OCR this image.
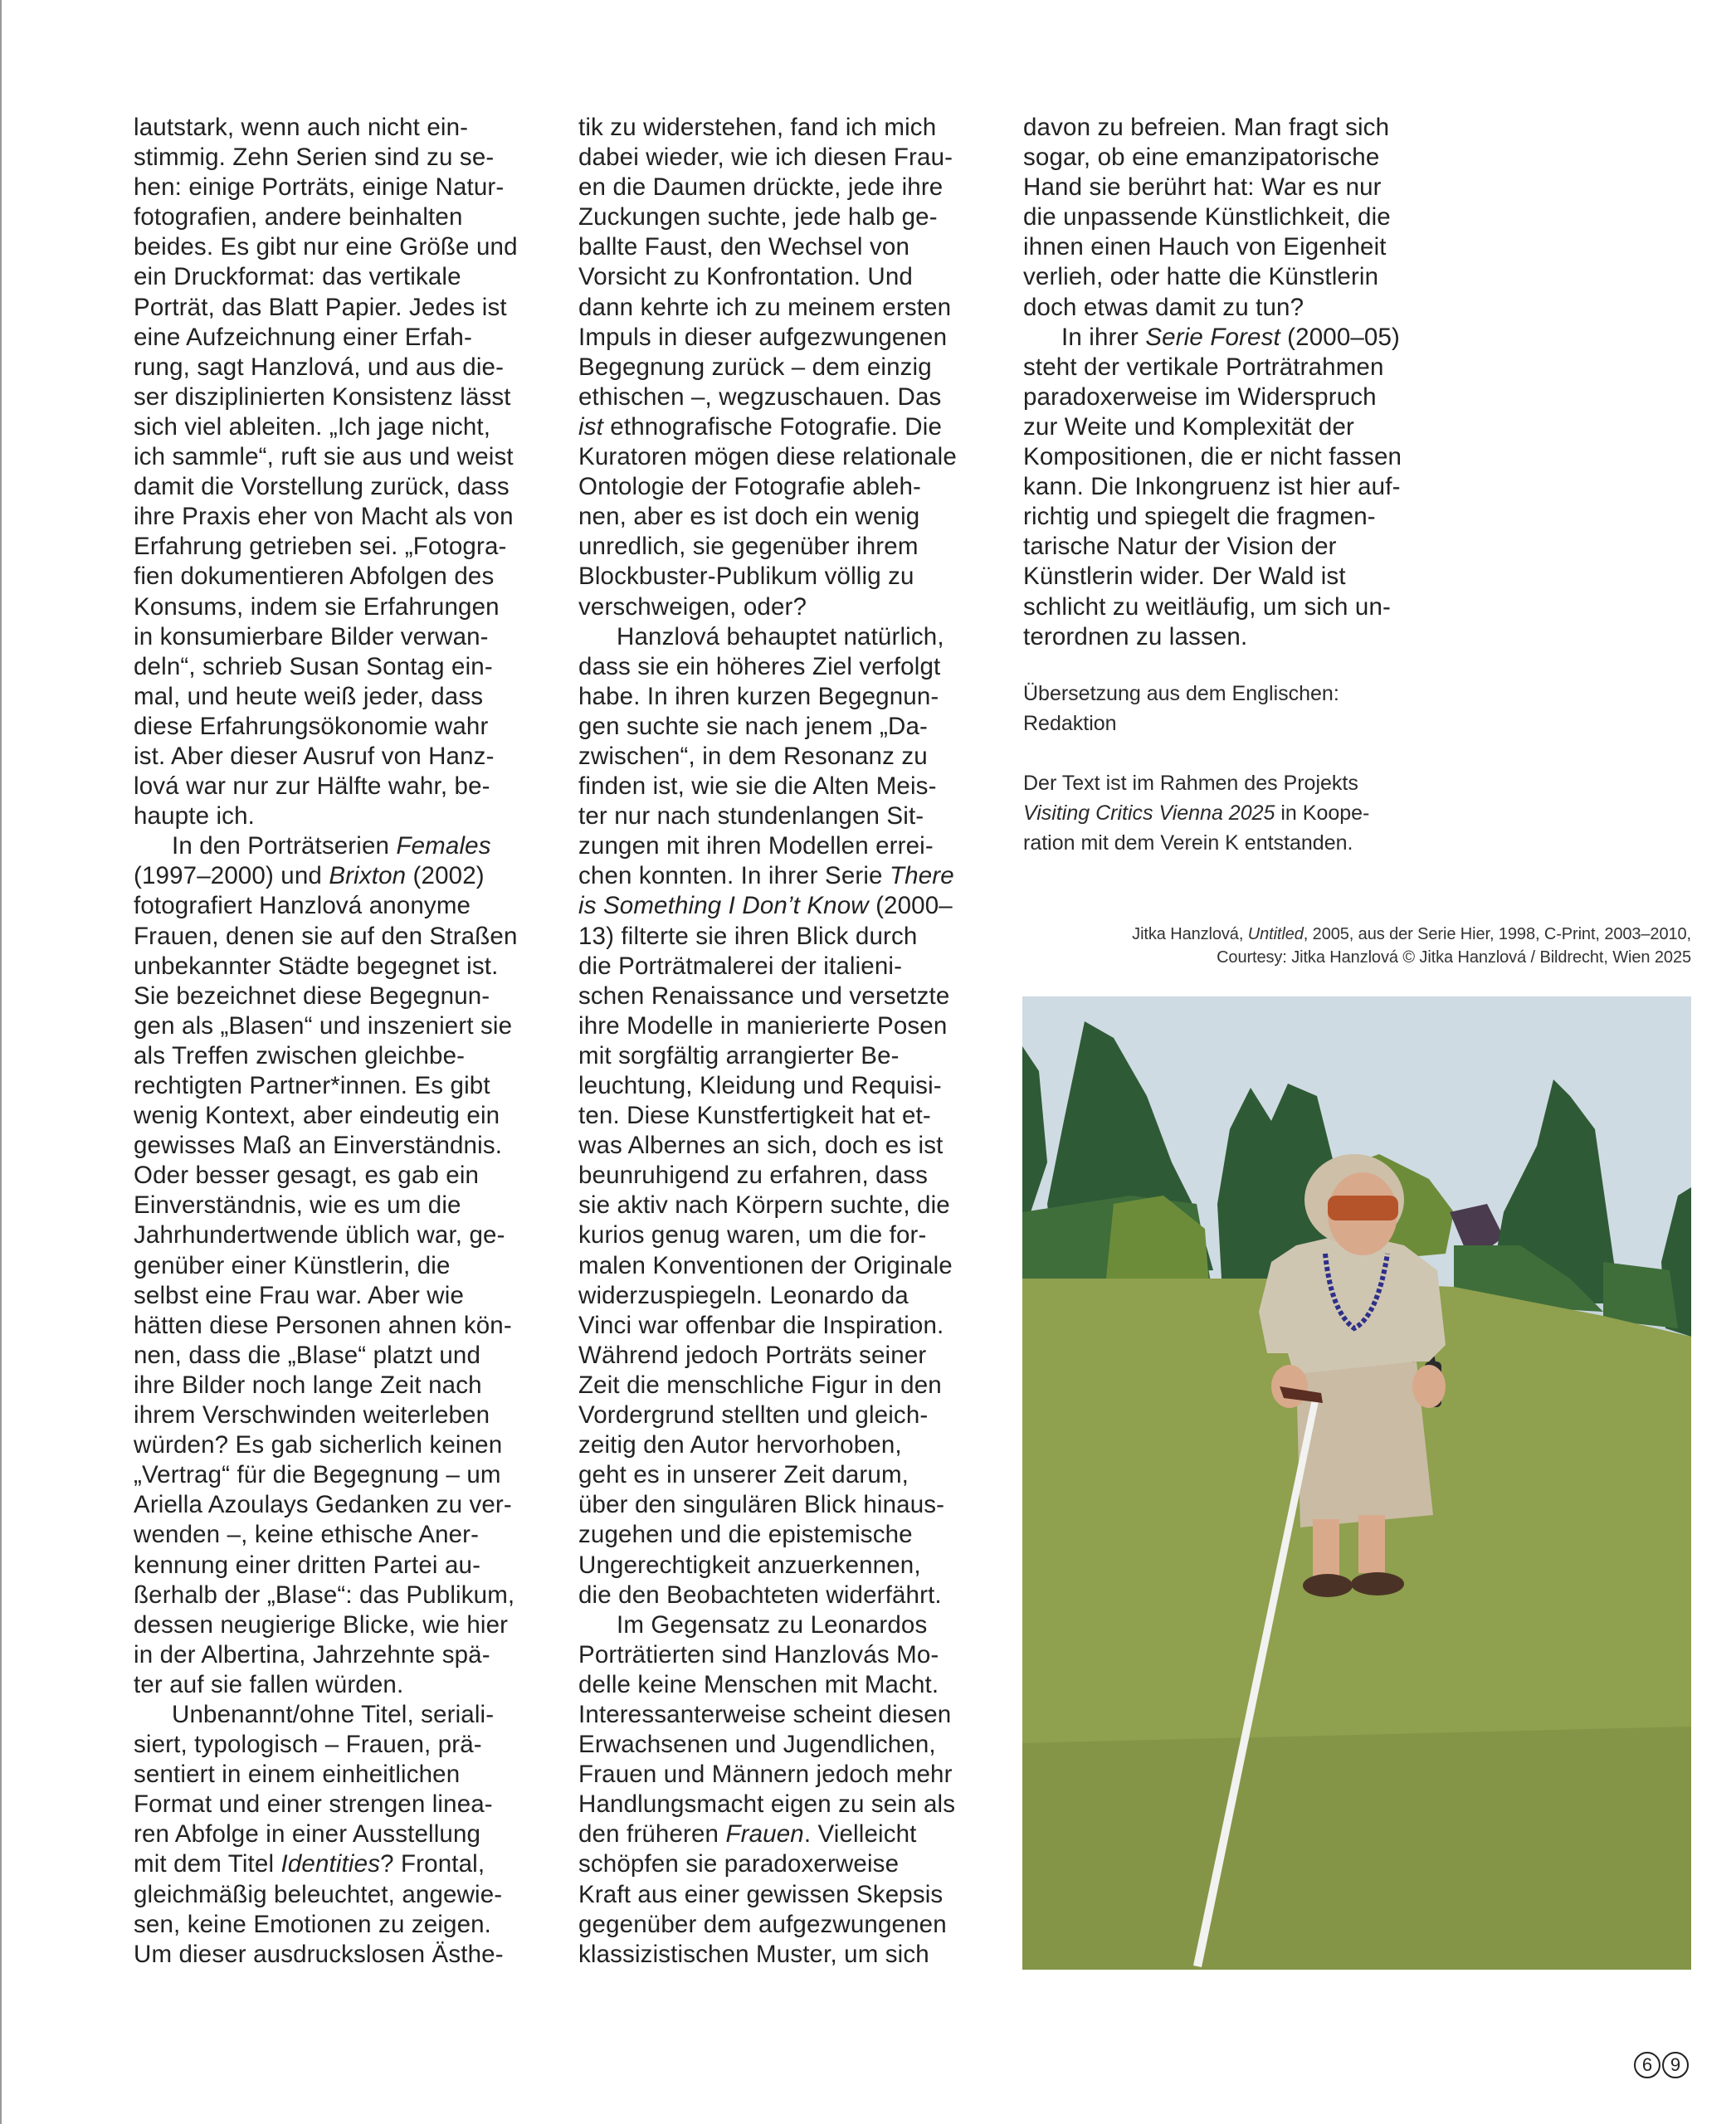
lautstark, wenn auch nicht ein-
stimmig. Zehn Serien sind zu se-
hen: einige Porträts, einige Natur-
fotografien, andere beinhalten
beides. Es gibt nur eine Größe und
ein Druckformat: das vertikale
Porträt, das Blatt Papier. Jedes ist
eine Aufzeichnung einer Erfah-
rung, sagt Hanzlová, und aus die-
ser disziplinierten Konsistenz lässt
sich viel ableiten. „Ich jage nicht,
ich sammle“, ruft sie aus und weist
damit die Vorstellung zurück, dass
ihre Praxis eher von Macht als von
Erfahrung getrieben sei. „Fotogra-
fien dokumentieren Abfolgen des
Konsums, indem sie Erfahrungen
in konsumierbare Bilder verwan-
deln“, schrieb Susan Sontag ein-
mal, und heute weiß jeder, dass
diese Erfahrungsökonomie wahr
ist. Aber dieser Ausruf von Hanz-
lová war nur zur Hälfte wahr, be-
haupte ich.
In den Porträtserien Females
(1997–2000) und Brixton (2002)
fotografiert Hanzlová anonyme
Frauen, denen sie auf den Straßen
unbekannter Städte begegnet ist.
Sie bezeichnet diese Begegnun-
gen als „Blasen“ und inszeniert sie
als Treffen zwischen gleichbe-
rechtigten Partner*innen. Es gibt
wenig Kontext, aber eindeutig ein
gewisses Maß an Einverständnis.
Oder besser gesagt, es gab ein
Einverständnis, wie es um die
Jahrhundertwende üblich war, ge-
genüber einer Künstlerin, die
selbst eine Frau war. Aber wie
hätten diese Personen ahnen kön-
nen, dass die „Blase“ platzt und
ihre Bilder noch lange Zeit nach
ihrem Verschwinden weiterleben
würden? Es gab sicherlich keinen
„Vertrag“ für die Begegnung – um
Ariella Azoulays Gedanken zu ver-
wenden –, keine ethische Aner-
kennung einer dritten Partei au-
ßerhalb der „Blase“: das Publikum,
dessen neugierige Blicke, wie hier
in der Albertina, Jahrzehnte spä-
ter auf sie fallen würden.
Unbenannt/ohne Titel, seriali-
siert, typologisch – Frauen, prä-
sentiert in einem einheitlichen
Format und einer strengen linea-
ren Abfolge in einer Ausstellung
mit dem Titel Identities? Frontal,
gleichmäßig beleuchtet, angewie-
sen, keine Emotionen zu zeigen.
Um dieser ausdruckslosen Ästhe-
tik zu widerstehen, fand ich mich
dabei wieder, wie ich diesen Frau-
en die Daumen drückte, jede ihre
Zuckungen suchte, jede halb ge-
ballte Faust, den Wechsel von
Vorsicht zu Konfrontation. Und
dann kehrte ich zu meinem ersten
Impuls in dieser aufgezwungenen
Begegnung zurück – dem einzig
ethischen –, wegzuschauen. Das
ist ethnografische Fotografie. Die
Kuratoren mögen diese relationale
Ontologie der Fotografie ableh-
nen, aber es ist doch ein wenig
unredlich, sie gegenüber ihrem
Blockbuster-Publikum völlig zu
verschweigen, oder?
Hanzlová behauptet natürlich,
dass sie ein höheres Ziel verfolgt
habe. In ihren kurzen Begegnun-
gen suchte sie nach jenem „Da-
zwischen“, in dem Resonanz zu
finden ist, wie sie die Alten Meis-
ter nur nach stundenlangen Sit-
zungen mit ihren Modellen errei-
chen konnten. In ihrer Serie There
is Something I Don’t Know (2000–
13) filterte sie ihren Blick durch
die Porträtmalerei der italieni-
schen Renaissance und versetzte
ihre Modelle in manierierte Posen
mit sorgfältig arrangierter Be-
leuchtung, Kleidung und Requisi-
ten. Diese Kunstfertigkeit hat et-
was Albernes an sich, doch es ist
beunruhigend zu erfahren, dass
sie aktiv nach Körpern suchte, die
kurios genug waren, um die for-
malen Konventionen der Originale
widerzuspiegeln. Leonardo da
Vinci war offenbar die Inspiration.
Während jedoch Porträts seiner
Zeit die menschliche Figur in den
Vordergrund stellten und gleich-
zeitig den Autor hervorhoben,
geht es in unserer Zeit darum,
über den singulären Blick hinaus-
zugehen und die epistemische
Ungerechtigkeit anzuerkennen,
die den Beobachteten widerfährt.
Im Gegensatz zu Leonardos
Porträtierten sind Hanzlovás Mo-
delle keine Menschen mit Macht.
Interessanterweise scheint diesen
Erwachsenen und Jugendlichen,
Frauen und Männern jedoch mehr
Handlungsmacht eigen zu sein als
den früheren Frauen. Vielleicht
schöpfen sie paradoxerweise
Kraft aus einer gewissen Skepsis
gegenüber dem aufgezwungenen
klassizistischen Muster, um sich
davon zu befreien. Man fragt sich
sogar, ob eine emanzipatorische
Hand sie berührt hat: War es nur
die unpassende Künstlichkeit, die
ihnen einen Hauch von Eigenheit
verlieh, oder hatte die Künstlerin
doch etwas damit zu tun?
In ihrer Serie Forest (2000–05)
steht der vertikale Porträtrahmen
paradoxerweise im Widerspruch
zur Weite und Komplexität der
Kompositionen, die er nicht fassen
kann. Die Inkongruenz ist hier auf-
richtig und spiegelt die fragmen-
tarische Natur der Vision der
Künstlerin wider. Der Wald ist
schlicht zu weitläufig, um sich un-
terordnen zu lassen.

Übersetzung aus dem Englischen:
Redaktion

Der Text ist im Rahmen des Projekts
Visiting Critics Vienna 2025 in Koope-
ration mit dem Verein K entstanden.

Jitka Hanzlová, Untitled, 2005, aus der Serie Hier, 1998, C-Print, 2003–2010,
Courtesy: Jitka Hanzlová © Jitka Hanzlová / Bildrecht, Wien 2025
6 9
